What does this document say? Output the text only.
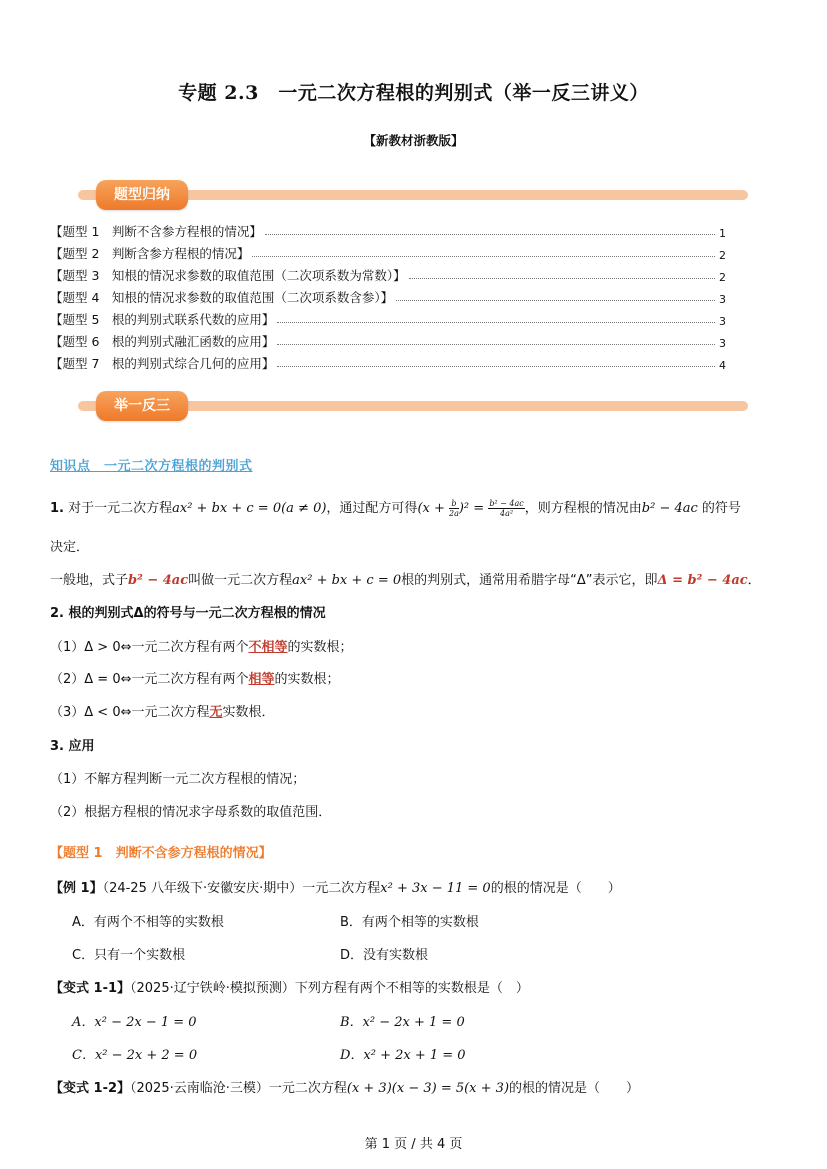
专题 2.3　一元二次方程根的判别式（举一反三讲义）
【新教材浙教版】
题型归纳
【题型 1　判断不含参方程根的情况】	1
【题型 2　判断含参方程根的情况】	2
【题型 3　知根的情况求参数的取值范围（二次项系数为常数）】	2
【题型 4　知根的情况求参数的取值范围（二次项系数含参）】	3
【题型 5　根的判别式联系代数的应用】	3
【题型 6　根的判别式融汇函数的应用】	3
【题型 7　根的判别式综合几何的应用】	4
举一反三
知识点　一元二次方程根的判别式
1. 对于一元二次方程ax² + bx + c = 0(a ≠ 0)，通过配方可得$(x + \frac{b}{2a} )^2 = \frac{\text{b² − 4ac}}{\text{4a²}}$ ，则方程根的情况由b² − 4ac 的符号
决定．
一般地，式子b² − 4ac叫做一元二次方程ax² + bx + c = 0根的判别式，通常用希腊字母“Δ”表示它，即Δ = b² − 4ac．
2. 根的判别式Δ的符号与一元二次方程根的情况
（1）Δ > 0⇔一元二次方程有两个不相等的实数根；
（2）Δ = 0⇔一元二次方程有两个相等的实数根；
（3）Δ < 0⇔一元二次方程无实数根．
3. 应用
（1）不解方程判断一元二次方程根的情况；
（2）根据方程根的情况求字母系数的取值范围．
【题型 1　判断不含参方程根的情况】
【例 1】（24-25 八年级下·安徽安庆·期中）一元二次方程x² + 3x − 11 = 0的根的情况是（　　）
A．有两个不相等的实数根	B．有两个相等的实数根
C．只有一个实数根	D．没有实数根
【变式 1-1】（2025·辽宁铁岭·模拟预测）下列方程有两个不相等的实数根是（　）
A．x² − 2x − 1 = 0	B．x² − 2x + 1 = 0
C．x² − 2x + 2 = 0	D．x² + 2x + 1 = 0
【变式 1-2】（2025·云南临沧·三模）一元二次方程(x + 3)(x − 3) = 5(x + 3)的根的情况是（　　）
第 1 页 / 共 4 页
